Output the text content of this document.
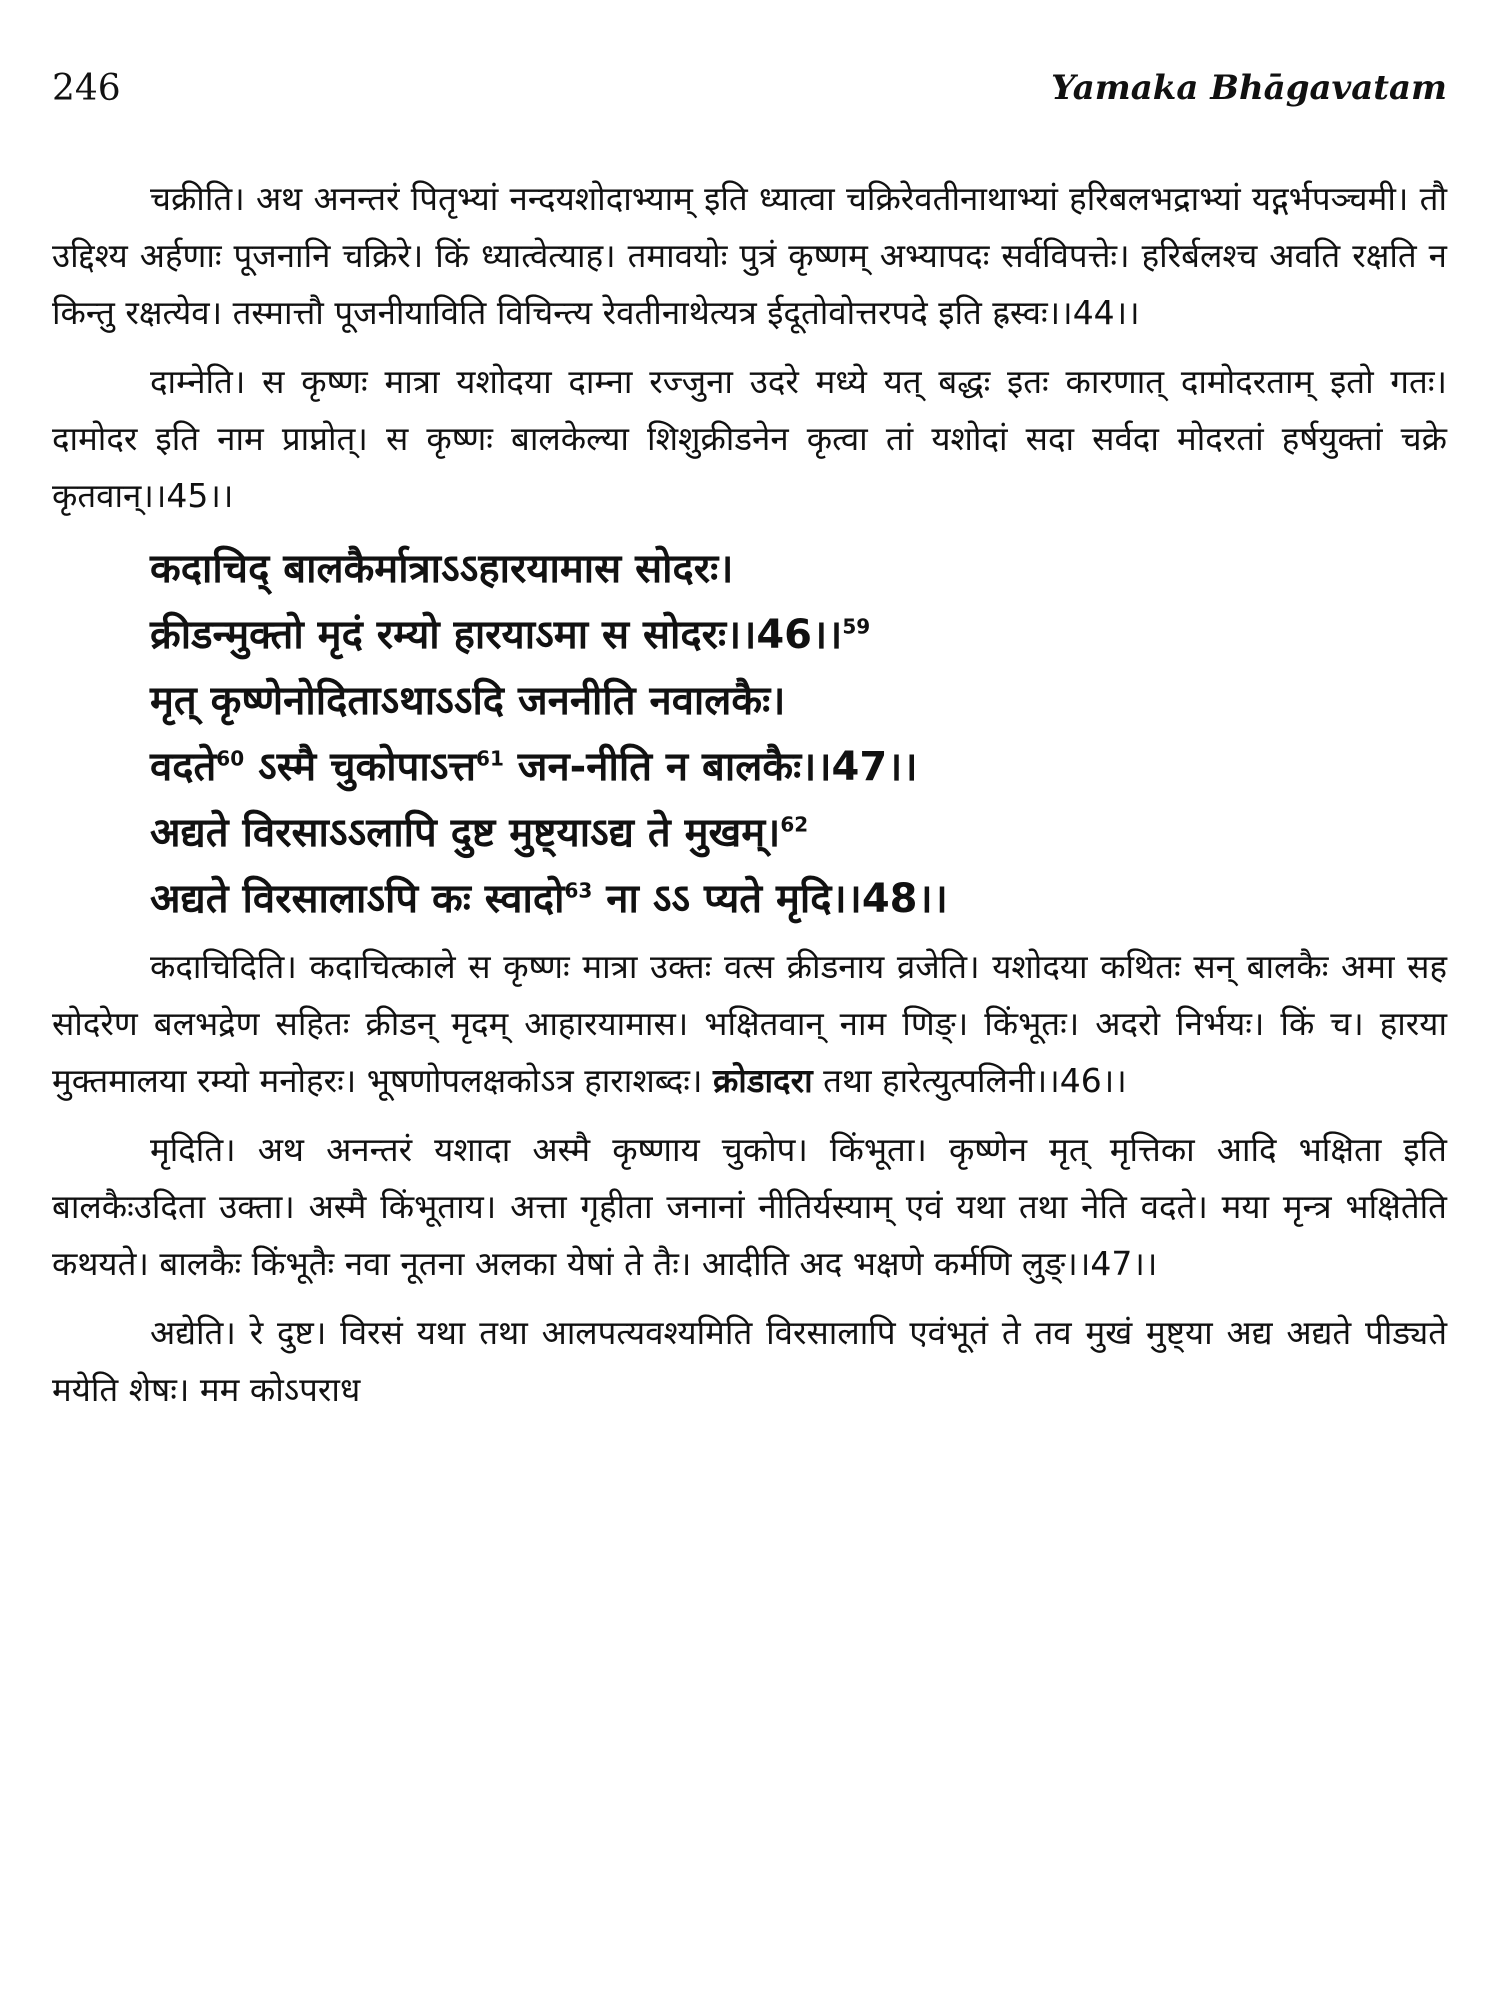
246	Yamaka Bhāgavatam

चक्रीति। अथ अनन्तरं पितृभ्यां नन्दयशोदाभ्याम् इति ध्यात्वा चक्रिरेवतीनाथाभ्यां हरिबलभद्राभ्यां यद्गर्भपञ्चमी। तौ उद्दिश्य अर्हणाः पूजनानि चक्रिरे। किं ध्यात्वेत्याह। तमावयोः पुत्रं कृष्णम् अभ्यापदः सर्वविपत्तेः। हरिर्बलश्च अवति रक्षति न किन्तु रक्षत्येव। तस्मात्तौ पूजनीयाविति विचिन्त्य रेवतीनाथेत्यत्र ईदूतोवोत्तरपदे इति ह्रस्वः।।44।।

दाम्नेति। स कृष्णः मात्रा यशोदया दाम्ना रज्जुना उदरे मध्ये यत् बद्धः इतः कारणात् दामोदरताम् इतो गतः। दामोदर इति नाम प्राप्नोत्। स कृष्णः बालकेल्या शिशुक्रीडनेन कृत्वा तां यशोदां सदा सर्वदा मोदरतां हर्षयुक्तां चक्रे कृतवान्।।45।।

कदाचिद् बालकैर्मात्राऽऽहारयामास सोदरः।
क्रीडन्मुक्तो मृदं रम्यो हारयाऽमा स सोदरः।।46।।$^{59}$
मृत् कृष्णेनोदिताऽथाऽऽदि जननीति नवालकैः।
वदते$^{60}$ ऽस्मै चुकोपाऽत्त$^{61}$ जन-नीति न बालकैः।।47।।
अद्यते विरसाऽऽलापि दुष्ट मुष्ट्याऽद्य ते मुखम्।$^{62}$
अद्यते विरसालाऽपि कः स्वादो$^{63}$ ना ऽऽ प्यते मृदि।।48।।

कदाचिदिति। कदाचित्काले स कृष्णः मात्रा उक्तः वत्स क्रीडनाय व्रजेति। यशोदया कथितः सन् बालकैः अमा सह सोदरेण बलभद्रेण सहितः क्रीडन् मृदम् आहारयामास। भक्षितवान् नाम णिङ्। किंभूतः। अदरो निर्भयः। किं च। हारया मुक्तमालया रम्यो मनोहरः। भूषणोपलक्षकोऽत्र हाराशब्दः। क्रोडादरा तथा हारेत्युत्पलिनी।।46।।

मृदिति। अथ अनन्तरं यशादा अस्मै कृष्णाय चुकोप। किंभूता। कृष्णेन मृत् मृत्तिका आदि भक्षिता इति बालकैःउदिता उक्ता। अस्मै किंभूताय। अत्ता गृहीता जनानां नीतिर्यस्याम् एवं यथा तथा नेति वदते। मया मृन्त्र भक्षितेति कथयते। बालकैः किंभूतैः नवा नूतना अलका येषां ते तैः। आदीति अद भक्षणे कर्मणि लुङ्।।47।।

अद्येति। रे दुष्ट। विरसं यथा तथा आलपत्यवश्यमिति विरसालापि एवंभूतं ते तव मुखं मुष्ट्या अद्य अद्यते पीड्यते मयेति शेषः। मम कोऽपराध
